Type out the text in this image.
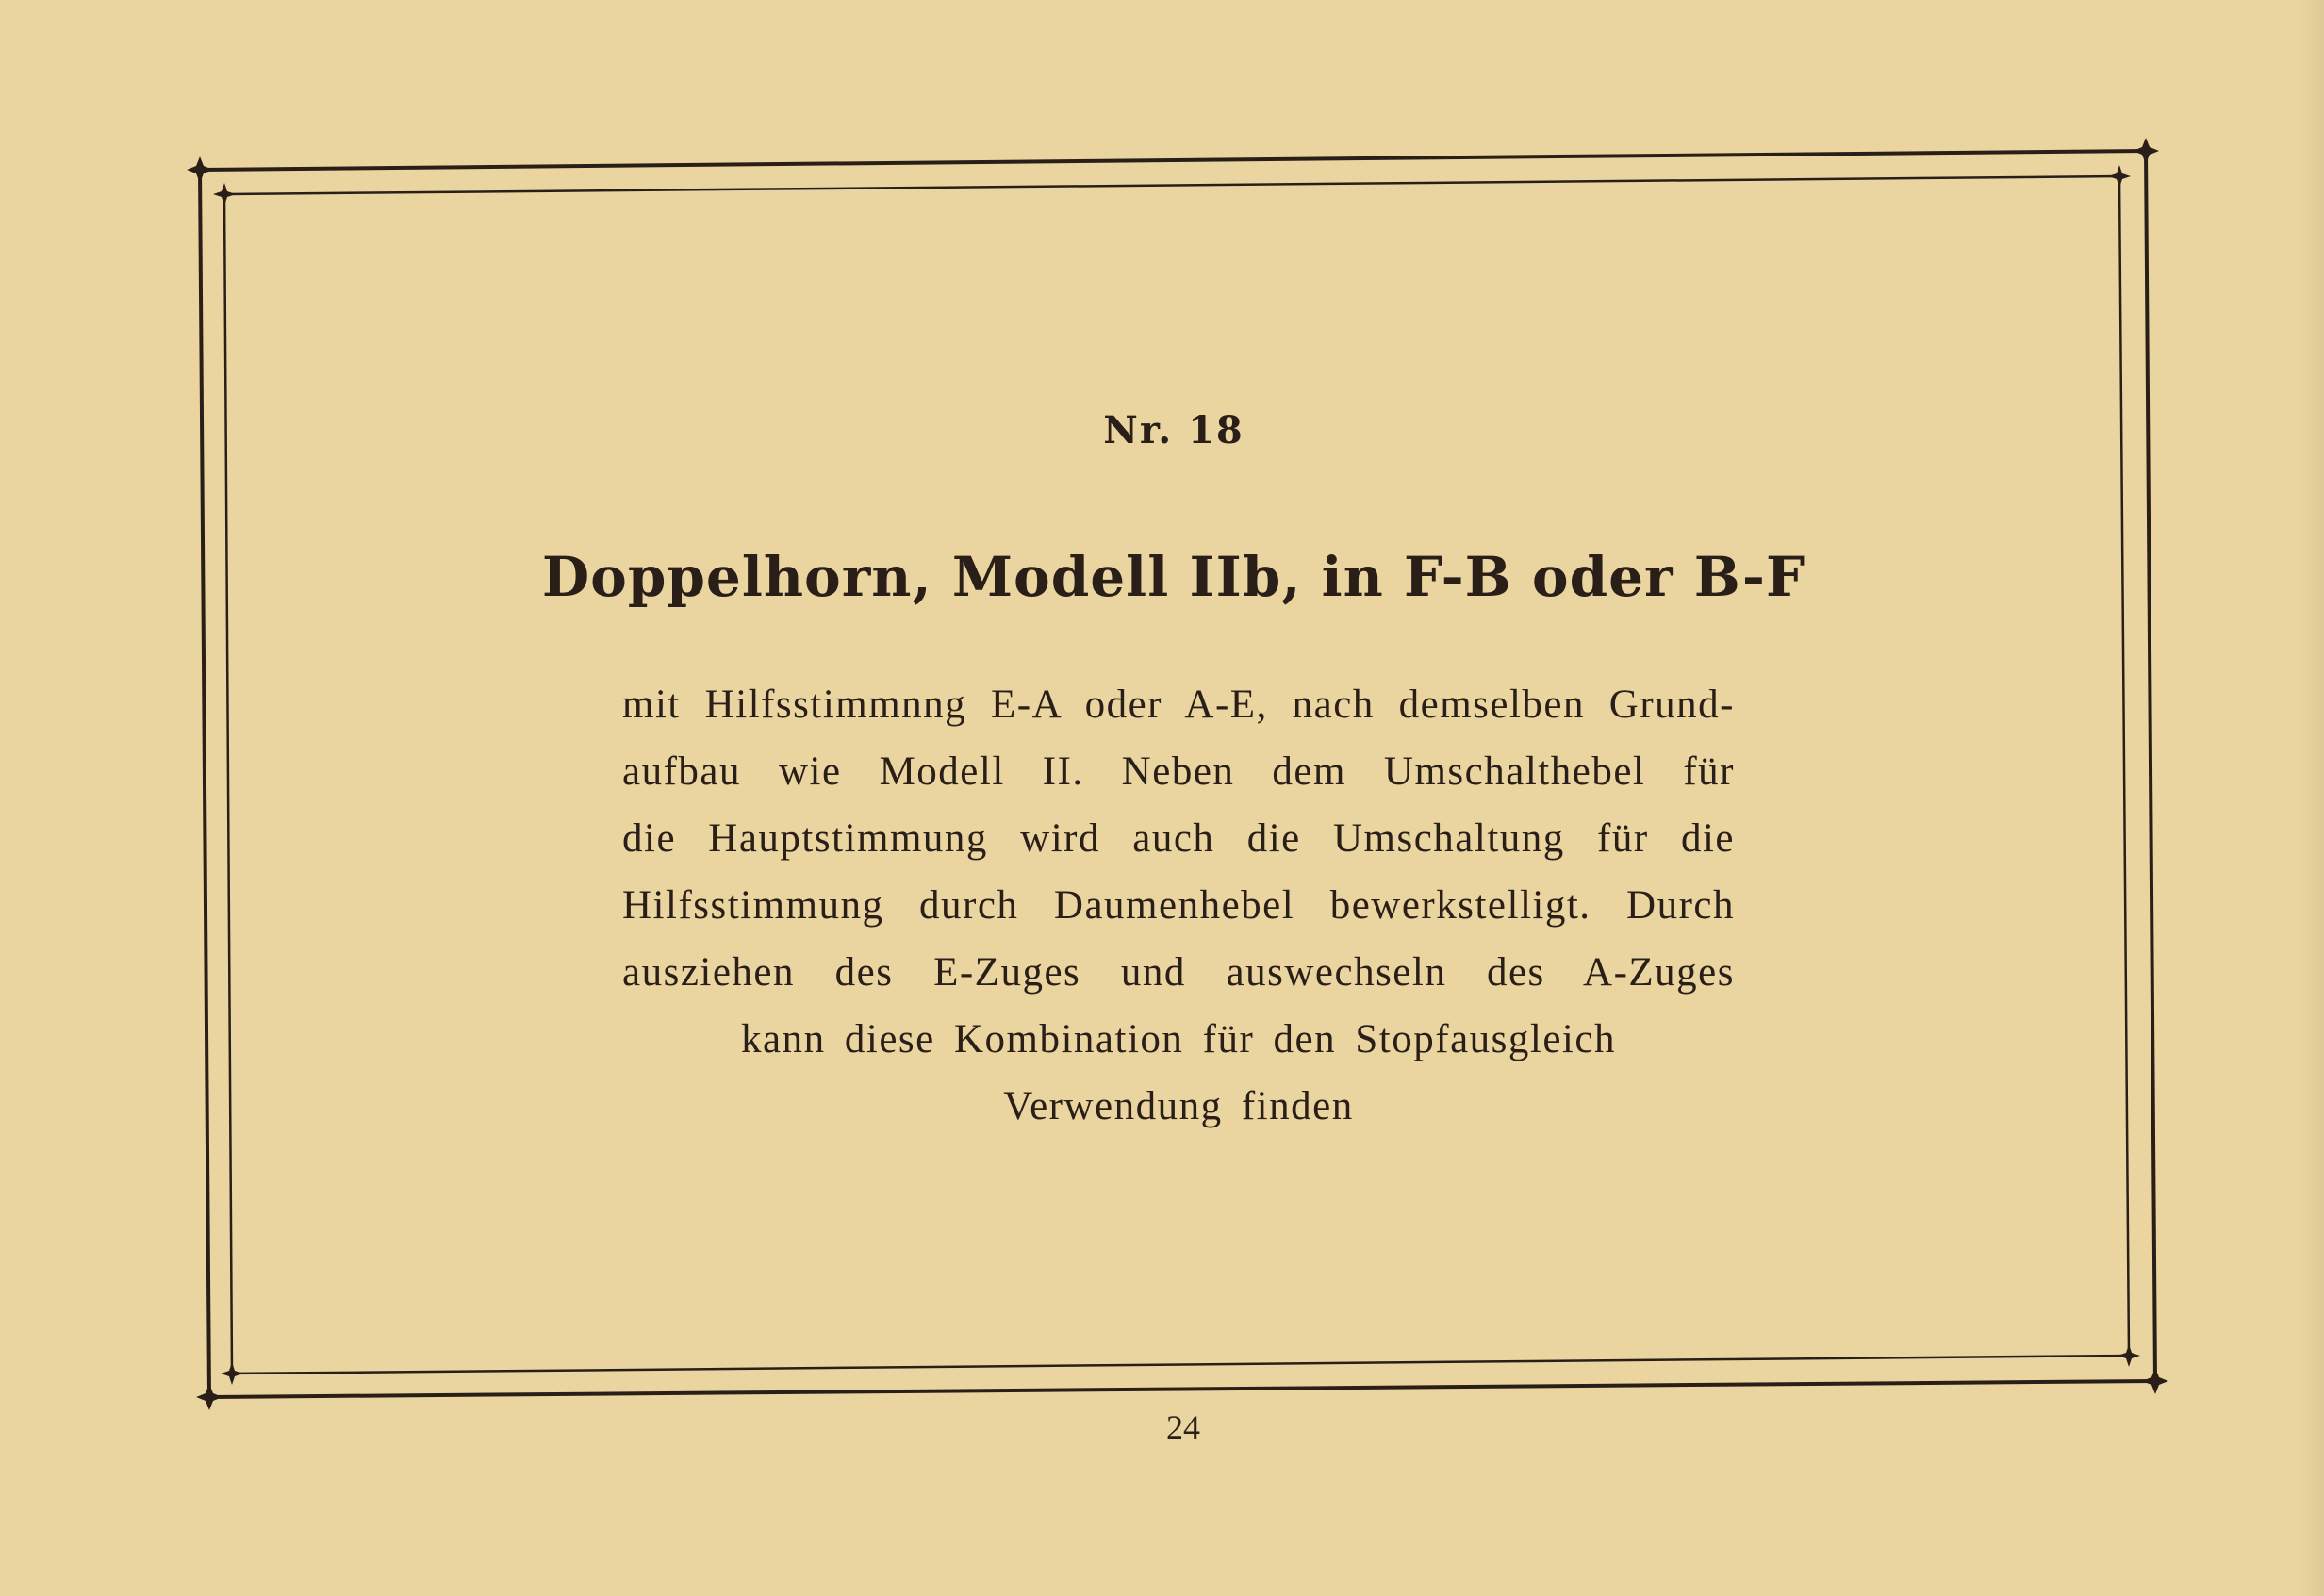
Nr. 18
Doppelhorn, Modell IIb, in F-B oder B-F
mit Hilfsstimmnng E-A oder A-E, nach demselben Grund-
aufbau wie Modell II. Neben dem Umschalthebel für
die Hauptstimmung wird auch die Umschaltung für die
Hilfsstimmung durch Daumenhebel bewerkstelligt. Durch
ausziehen des E-Zuges und auswechseln des A-Zuges
kann diese Kombination für den Stopfausgleich
Verwendung finden
24
